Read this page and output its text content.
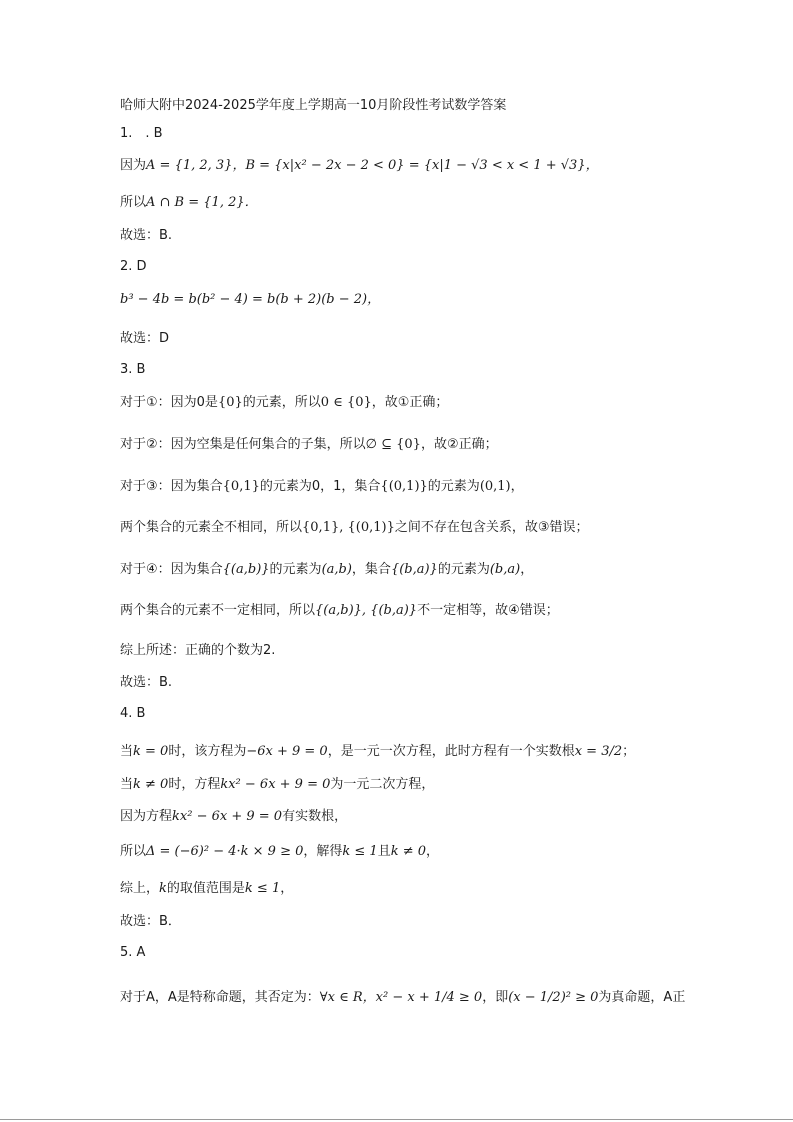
哈师大附中2024-2025学年度上学期高一10月阶段性考试数学答案
1.　. B
因为A = {1, 2, 3}，B = {x|x² − 2x − 2 < 0} = {x|1 − √3 < x < 1 + √3}，
所以A ∩ B = {1, 2}．
故选：B.
2. D
b³ − 4b = b(b² − 4) = b(b + 2)(b − 2)，
故选：D
3. B
对于①：因为0是{0}的元素，所以0 ∈ {0}，故①正确；
对于②：因为空集是任何集合的子集，所以∅ ⊆ {0}，故②正确；
对于③：因为集合{0,1}的元素为0，1，集合{(0,1)}的元素为(0,1)，
两个集合的元素全不相同，所以{0,1}, {(0,1)}之间不存在包含关系，故③错误；
对于④：因为集合{(a,b)}的元素为(a,b)，集合{(b,a)}的元素为(b,a)，
两个集合的元素不一定相同，所以{(a,b)}, {(b,a)}不一定相等，故④错误；
综上所述：正确的个数为2.
故选：B.
4. B
当k = 0时，该方程为−6x + 9 = 0，是一元一次方程，此时方程有一个实数根x = 3/2；
当k ≠ 0时，方程kx² − 6x + 9 = 0为一元二次方程，
因为方程kx² − 6x + 9 = 0有实数根，
所以Δ = (−6)² − 4·k × 9 ≥ 0，解得k ≤ 1且k ≠ 0，
综上，k的取值范围是k ≤ 1，
故选：B．
5. A
对于A，A是特称命题，其否定为：∀x ∈ R，x² − x + 1/4 ≥ 0，即(x − 1/2)² ≥ 0为真命题，A正
